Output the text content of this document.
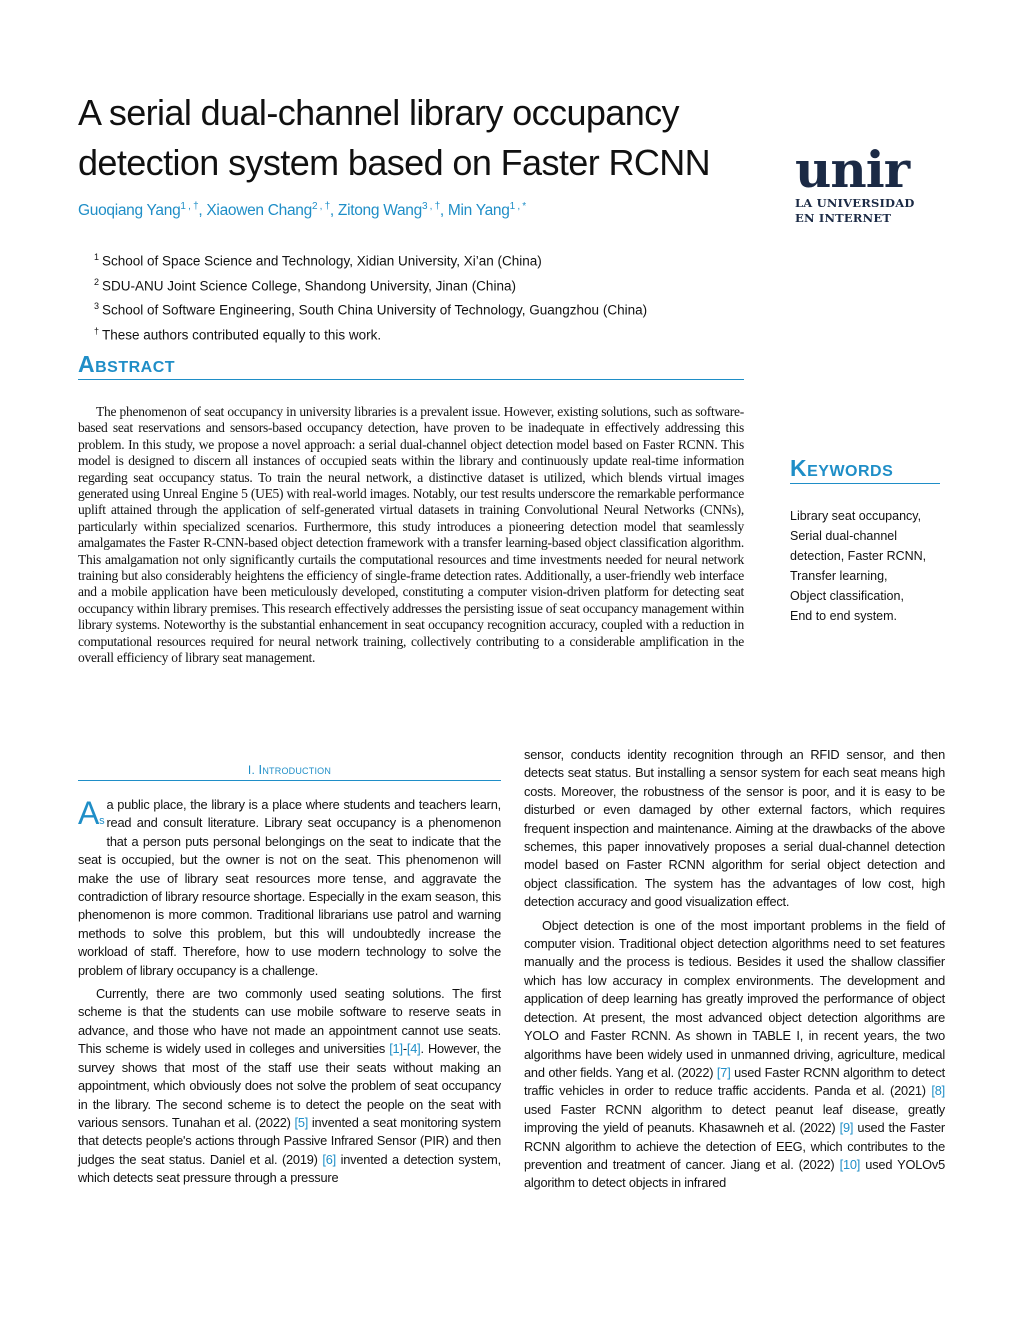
A serial dual-channel library occupancy detection system based on Faster RCNN
Guoqiang Yang$^{1 , \dagger}$, Xiaowen Chang$^{2 , \dagger}$, Zitong Wang$^{3 , \dagger}$, Min Yang$^{1 , *}$
unir
LA UNIVERSIDAD
EN INTERNET
$^1$ School of Space Science and Technology, Xidian University, Xi’an (China)
$^2$ SDU-ANU Joint Science College, Shandong University, Jinan (China)
$^3$ School of Software Engineering, South China University of Technology, Guangzhou (China)
† These authors contributed equally to this work.
Abstract
The phenomenon of seat occupancy in university libraries is a prevalent issue. However, existing solutions, such as software-based seat reservations and sensors-based occupancy detection, have proven to be inadequate in effectively addressing this problem. In this study, we propose a novel approach: a serial dual-channel object detection model based on Faster RCNN. This model is designed to discern all instances of occupied seats within the library and continuously update real-time information regarding seat occupancy status. To train the neural network, a distinctive dataset is utilized, which blends virtual images generated using Unreal Engine 5 (UE5) with real-world images. Notably, our test results underscore the remarkable performance uplift attained through the application of self-generated virtual datasets in training Convolutional Neural Networks (CNNs), particularly within specialized scenarios. Furthermore, this study introduces a pioneering detection model that seamlessly amalgamates the Faster R-CNN-based object detection framework with a transfer learning-based object classification algorithm. This amalgamation not only significantly curtails the computational resources and time investments needed for neural network training but also considerably heightens the efficiency of single-frame detection rates. Additionally, a user-friendly web interface and a mobile application have been meticulously developed, constituting a computer vision-driven platform for detecting seat occupancy within library premises. This research effectively addresses the persisting issue of seat occupancy management within library systems. Noteworthy is the substantial enhancement in seat occupancy recognition accuracy, coupled with a reduction in computational resources required for neural network training, collectively contributing to a considerable amplification in the overall efficiency of library seat management.
Keywords
Library seat occupancy,
Serial dual-channel
detection, Faster RCNN,
Transfer learning,
Object classification,
End to end system.
I. Introduction

As
a public place, the library is a place where students and teachers learn, read and consult literature. Library seat occupancy is a phenomenon that a person puts personal belongings on the seat to indicate that the seat is occupied, but the owner is not on the seat. This phenomenon will make the use of library seat resources more tense, and aggravate the contradiction of library resource shortage. Especially in the exam season, this phenomenon is more common. Traditional librarians use patrol and warning methods to solve this problem, but this will undoubtedly increase the workload of staff. Therefore, how to use modern technology to solve the problem of library occupancy is a challenge.

Currently, there are two commonly used seating solutions. The first scheme is that the students can use mobile software to reserve seats in advance, and those who have not made an appointment cannot use seats. This scheme is widely used in colleges and universities [1]-[4]. However, the survey shows that most of the staff use their seats without making an appointment, which obviously does not solve the problem of seat occupancy in the library. The second scheme is to detect the people on the seat with various sensors. Tunahan et al. (2022) [5] invented a seat monitoring system that detects people's actions through Passive Infrared Sensor (PIR) and then judges the seat status. Daniel et al. (2019) [6] invented a detection system, which detects seat pressure through a pressure

sensor, conducts identity recognition through an RFID sensor, and then detects seat status. But installing a sensor system for each seat means high costs. Moreover, the robustness of the sensor is poor, and it is easy to be disturbed or even damaged by other external factors, which requires frequent inspection and maintenance. Aiming at the drawbacks of the above schemes, this paper innovatively proposes a serial dual-channel detection model based on Faster RCNN algorithm for serial object detection and object classification. The system has the advantages of low cost, high detection accuracy and good visualization effect.

Object detection is one of the most important problems in the field of computer vision. Traditional object detection algorithms need to set features manually and the process is tedious. Besides it used the shallow classifier which has low accuracy in complex environments. The development and application of deep learning has greatly improved the performance of object detection. At present, the most advanced object detection algorithms are YOLO and Faster RCNN. As shown in TABLE I, in recent years, the two algorithms have been widely used in unmanned driving, agriculture, medical and other fields. Yang et al. (2022) [7] used Faster RCNN algorithm to detect traffic vehicles in order to reduce traffic accidents. Panda et al. (2021) [8] used Faster RCNN algorithm to detect peanut leaf disease, greatly improving the yield of peanuts. Khasawneh et al. (2022) [9] used the Faster RCNN algorithm to achieve the detection of EEG, which contributes to the prevention and treatment of cancer. Jiang et al. (2022) [10] used YOLOv5 algorithm to detect objects in infrared
